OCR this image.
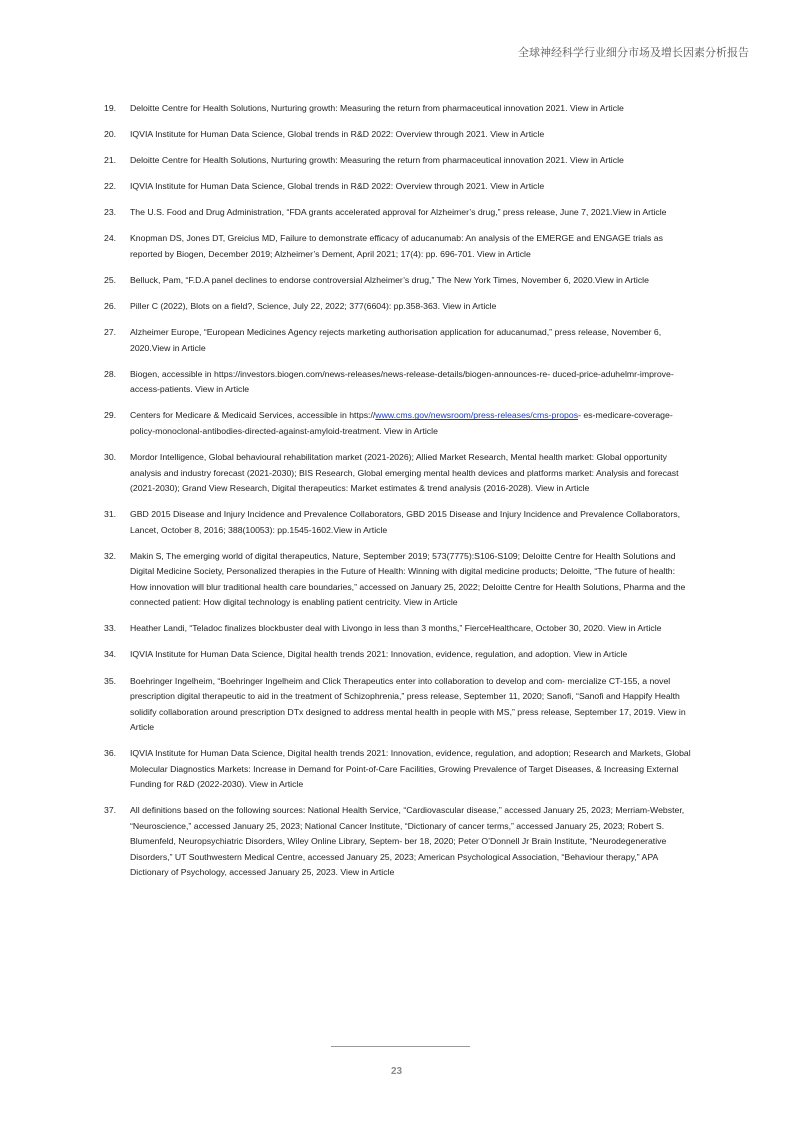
全球神经科学行业细分市场及增长因素分析报告
19. Deloitte Centre for Health Solutions, Nurturing growth: Measuring the return from pharmaceutical innovation 2021. View in Article
20. IQVIA Institute for Human Data Science, Global trends in R&D 2022: Overview through 2021. View in Article
21. Deloitte Centre for Health Solutions, Nurturing growth: Measuring the return from pharmaceutical innovation 2021. View in Article
22. IQVIA Institute for Human Data Science, Global trends in R&D 2022: Overview through 2021. View in Article
23. The U.S. Food and Drug Administration, “FDA grants accelerated approval for Alzheimer’s drug,” press release, June 7, 2021.View in Article
24. Knopman DS, Jones DT, Greicius MD, Failure to demonstrate efficacy of aducanumab: An analysis of the EMERGE and ENGAGE trials as reported by Biogen, December 2019; Alzheimer’s Dement, April 2021; 17(4): pp. 696-701. View in Article
25. Belluck, Pam, “F.D.A panel declines to endorse controversial Alzheimer’s drug,” The New York Times, November 6, 2020.View in Article
26. Piller C (2022), Blots on a field?, Science, July 22, 2022; 377(6604): pp.358-363. View in Article
27. Alzheimer Europe, “European Medicines Agency rejects marketing authorisation application for aducanumad,” press release, November 6, 2020.View in Article
28. Biogen, accessible in https://investors.biogen.com/news-releases/news-release-details/biogen-announces-re- duced-price-aduhelmr-improve-access-patients. View in Article
29. Centers for Medicare & Medicaid Services, accessible in https://www.cms.gov/newsroom/press-releases/cms-propos- es-medicare-coverage-policy-monoclonal-antibodies-directed-against-amyloid-treatment. View in Article
30. Mordor Intelligence, Global behavioural rehabilitation market (2021-2026); Allied Market Research, Mental health market: Global opportunity analysis and industry forecast (2021-2030); BIS Research, Global emerging mental health devices and platforms market: Analysis and forecast (2021-2030); Grand View Research, Digital therapeutics: Market estimates & trend analysis (2016-2028). View in Article
31. GBD 2015 Disease and Injury Incidence and Prevalence Collaborators, GBD 2015 Disease and Injury Incidence and Prevalence Collaborators, Lancet, October 8, 2016; 388(10053): pp.1545-1602.View in Article
32. Makin S, The emerging world of digital therapeutics, Nature, September 2019; 573(7775):S106-S109; Deloitte Centre for Health Solutions and Digital Medicine Society, Personalized therapies in the Future of Health: Winning with digital medicine products; Deloitte, “The future of health: How innovation will blur traditional health care boundaries,” accessed on January 25, 2022; Deloitte Centre for Health Solutions, Pharma and the connected patient: How digital technology is enabling patient centricity. View in Article
33. Heather Landi, “Teladoc finalizes blockbuster deal with Livongo in less than 3 months,” FierceHealthcare, October 30, 2020. View in Article
34. IQVIA Institute for Human Data Science, Digital health trends 2021: Innovation, evidence, regulation, and adoption. View in Article
35. Boehringer Ingelheim, “Boehringer Ingelheim and Click Therapeutics enter into collaboration to develop and com- mercialize CT-155, a novel prescription digital therapeutic to aid in the treatment of Schizophrenia,” press release, September 11, 2020; Sanofi, “Sanofi and Happify Health solidify collaboration around prescription DTx designed to address mental health in people with MS,” press release, September 17, 2019. View in Article
36. IQVIA Institute for Human Data Science, Digital health trends 2021: Innovation, evidence, regulation, and adoption; Research and Markets, Global Molecular Diagnostics Markets: Increase in Demand for Point-of-Care Facilities, Growing Prevalence of Target Diseases, & Increasing External Funding for R&D (2022-2030). View in Article
37. All definitions based on the following sources: National Health Service, “Cardiovascular disease,” accessed January 25, 2023; Merriam-Webster, “Neuroscience,” accessed January 25, 2023; National Cancer Institute, “Dictionary of cancer terms,” accessed January 25, 2023; Robert S. Blumenfeld, Neuropsychiatric Disorders, Wiley Online Library, Septem- ber 18, 2020; Peter O’Donnell Jr Brain Institute, “Neurodegenerative Disorders,” UT Southwestern Medical Centre, accessed January 25, 2023; American Psychological Association, “Behaviour therapy,” APA Dictionary of Psychology, accessed January 25, 2023. View in Article
23
